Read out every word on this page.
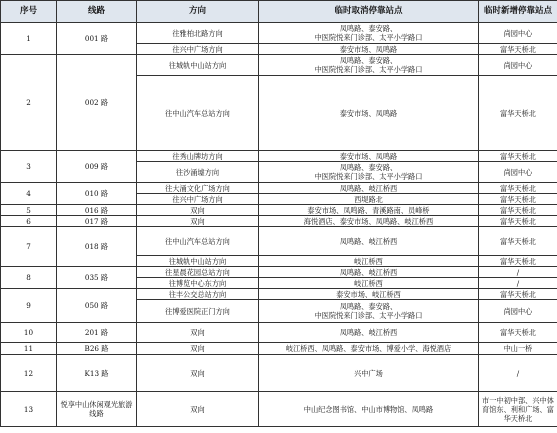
序号	线路	方向	临时取消停靠站点	临时新增停靠站点
1	001 路	往雅柏北路方向	凤鸣路、泰安路、
中医院悦来门诊部、太平小学路口	尚园中心
		往兴中广场方向	泰安市场、凤鸣路	富华天桥北
2	002 路	往城轨中山站方向	凤鸣路、泰安路、
中医院悦来门诊部、太平小学路口	尚园中心
		往中山汽车总站方向	泰安市场、凤鸣路	富华天桥北
3	009 路	往秀山牌坊方向	泰安市场、凤鸣路	富华天桥北
		往沙涌墟方向	凤鸣路、泰安路、
中医院悦来门诊部、太平小学路口	尚园中心
4	010 路	往大涌文化广场方向	凤鸣路、岐江桥西	富华天桥北
		往兴中广场方向	西堤路北	富华天桥北
5	016 路	双向	泰安市场、凤鸣路、青溪路南、员峰桥	富华天桥北
6	017 路	双向	海悦酒店、泰安市场、凤鸣路、岐江桥西	富华天桥北
7	018 路	往中山汽车总站方向	凤鸣路、岐江桥西	富华天桥北
		往城轨中山站方向	岐江桥西	富华天桥北
8	035 路	往星晨花园总站方向	凤鸣路、岐江桥西	/
		往博览中心东方向	岐江桥西	/
9	050 路	往丰公交总站方向	泰安市场、岐江桥西	富华天桥北
		往博爱医院正门方向	凤鸣路、泰安路、
中医院悦来门诊部、太平小学路口	尚园中心
10	201 路	双向	凤鸣路、岐江桥西	富华天桥北
11	B26 路	双向	岐江桥西、凤鸣路、泰安市场、博爱小学、海悦酒店	中山一桥
12	K13 路	双向	兴中广场	/
13	悦享中山休闲观光旅游线路	双向	中山纪念图书馆、中山市博物馆、凤鸣路	市一中初中部、兴中体育馆东、利和广场、富华天桥北
